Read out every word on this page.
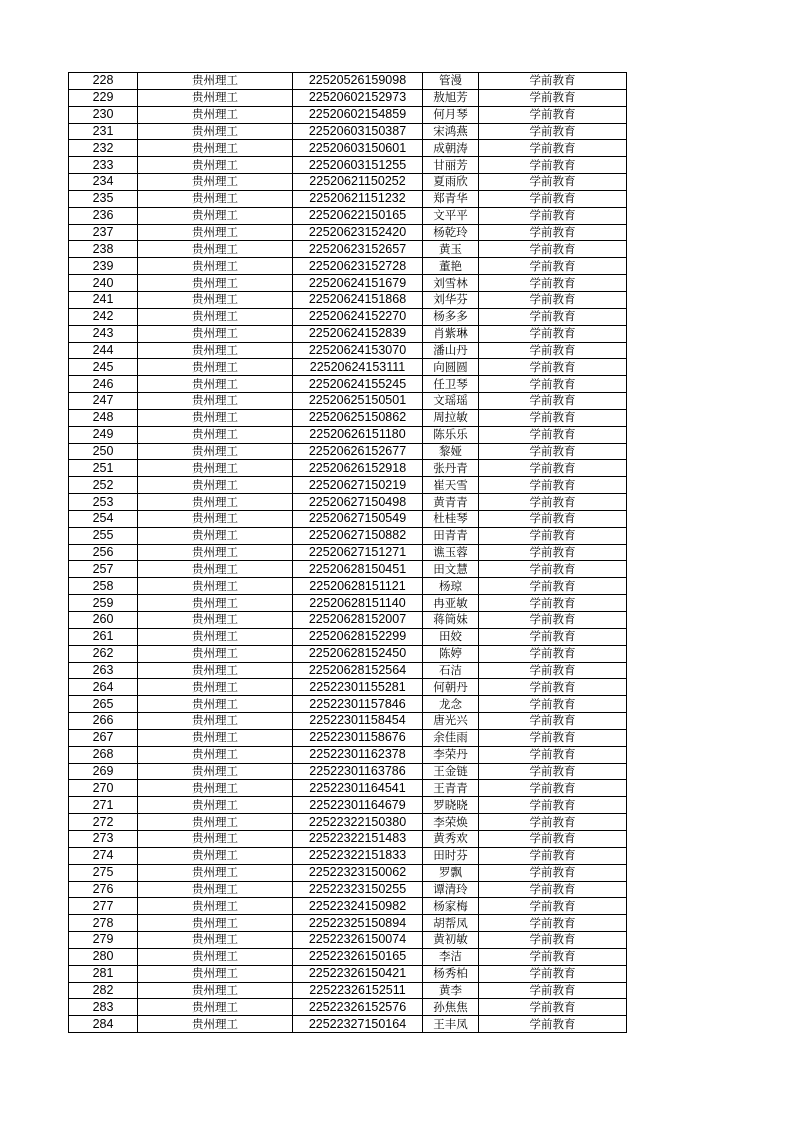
228	贵州理工	22520526159098	管漫	学前教育
229	贵州理工	22520602152973	敖旭芳	学前教育
230	贵州理工	22520602154859	何月琴	学前教育
231	贵州理工	22520603150387	宋鸿燕	学前教育
232	贵州理工	22520603150601	成朝涛	学前教育
233	贵州理工	22520603151255	甘丽芳	学前教育
234	贵州理工	22520621150252	夏雨欣	学前教育
235	贵州理工	22520621151232	郑青华	学前教育
236	贵州理工	22520622150165	文平平	学前教育
237	贵州理工	22520623152420	杨乾玲	学前教育
238	贵州理工	22520623152657	黄玉	学前教育
239	贵州理工	22520623152728	董艳	学前教育
240	贵州理工	22520624151679	刘雪林	学前教育
241	贵州理工	22520624151868	刘华芬	学前教育
242	贵州理工	22520624152270	杨多多	学前教育
243	贵州理工	22520624152839	肖紫琳	学前教育
244	贵州理工	22520624153070	潘山丹	学前教育
245	贵州理工	22520624153111	向圆圆	学前教育
246	贵州理工	22520624155245	任卫琴	学前教育
247	贵州理工	22520625150501	文瑶瑶	学前教育
248	贵州理工	22520625150862	周拉敏	学前教育
249	贵州理工	22520626151180	陈乐乐	学前教育
250	贵州理工	22520626152677	黎娅	学前教育
251	贵州理工	22520626152918	张丹青	学前教育
252	贵州理工	22520627150219	崔天雪	学前教育
253	贵州理工	22520627150498	黄青青	学前教育
254	贵州理工	22520627150549	杜桂琴	学前教育
255	贵州理工	22520627150882	田青青	学前教育
256	贵州理工	22520627151271	谯玉蓉	学前教育
257	贵州理工	22520628150451	田文慧	学前教育
258	贵州理工	22520628151121	杨琼	学前教育
259	贵州理工	22520628151140	冉亚敏	学前教育
260	贵州理工	22520628152007	蒋筒妹	学前教育
261	贵州理工	22520628152299	田姣	学前教育
262	贵州理工	22520628152450	陈婷	学前教育
263	贵州理工	22520628152564	石洁	学前教育
264	贵州理工	22522301155281	何朝丹	学前教育
265	贵州理工	22522301157846	龙念	学前教育
266	贵州理工	22522301158454	唐光兴	学前教育
267	贵州理工	22522301158676	余佳雨	学前教育
268	贵州理工	22522301162378	李荣丹	学前教育
269	贵州理工	22522301163786	王金链	学前教育
270	贵州理工	22522301164541	王青青	学前教育
271	贵州理工	22522301164679	罗晓晓	学前教育
272	贵州理工	22522322150380	李荣焕	学前教育
273	贵州理工	22522322151483	黄秀欢	学前教育
274	贵州理工	22522322151833	田时芬	学前教育
275	贵州理工	22522323150062	罗飘	学前教育
276	贵州理工	22522323150255	谭清玲	学前教育
277	贵州理工	22522324150982	杨家梅	学前教育
278	贵州理工	22522325150894	胡帮凤	学前教育
279	贵州理工	22522326150074	黄初敏	学前教育
280	贵州理工	22522326150165	李洁	学前教育
281	贵州理工	22522326150421	杨秀柏	学前教育
282	贵州理工	22522326152511	黄李	学前教育
283	贵州理工	22522326152576	孙焦焦	学前教育
284	贵州理工	22522327150164	王丰凤	学前教育
